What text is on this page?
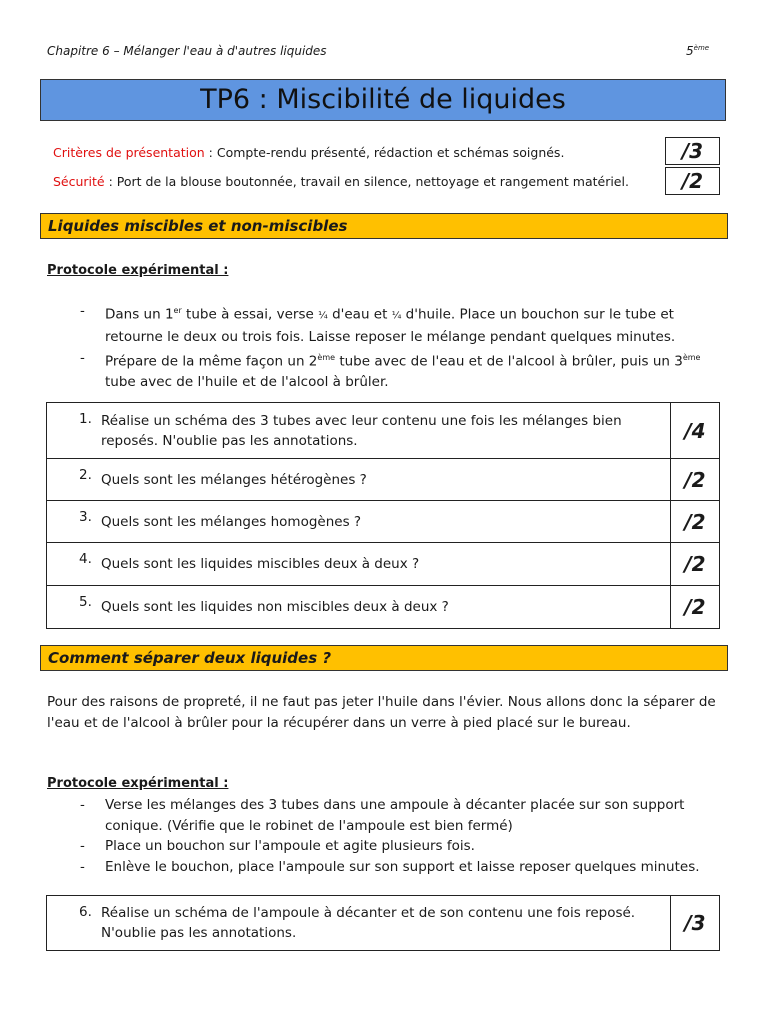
Chapitre 6 – Mélanger l'eau à d'autres liquides	5ème
TP6 : Miscibilité de liquides
Critères de présentation : Compte-rendu présenté, rédaction et schémas soignés.	/3
Sécurité : Port de la blouse boutonnée, travail en silence, nettoyage et rangement matériel.	/2
Liquides miscibles et non-miscibles
Protocole expérimental :
- Dans un 1er tube à essai, verse ¼ d'eau et ¼ d'huile. Place un bouchon sur le tube et retourne le deux ou trois fois. Laisse reposer le mélange pendant quelques minutes.
- Prépare de la même façon un 2ème tube avec de l'eau et de l'alcool à brûler, puis un 3ème tube avec de l'huile et de l'alcool à brûler.
1. Réalise un schéma des 3 tubes avec leur contenu une fois les mélanges bien reposés. N'oublie pas les annotations.	/4
2. Quels sont les mélanges hétérogènes ?	/2
3. Quels sont les mélanges homogènes ?	/2
4. Quels sont les liquides miscibles deux à deux ?	/2
5. Quels sont les liquides non miscibles deux à deux ?	/2
Comment séparer deux liquides ?
Pour des raisons de propreté, il ne faut pas jeter l'huile dans l'évier. Nous allons donc la séparer de l'eau et de l'alcool à brûler pour la récupérer dans un verre à pied placé sur le bureau.
Protocole expérimental :
- Verse les mélanges des 3 tubes dans une ampoule à décanter placée sur son support conique. (Vérifie que le robinet de l'ampoule est bien fermé)
- Place un bouchon sur l'ampoule et agite plusieurs fois.
- Enlève le bouchon, place l'ampoule sur son support et laisse reposer quelques minutes.
6. Réalise un schéma de l'ampoule à décanter et de son contenu une fois reposé. N'oublie pas les annotations.	/3
